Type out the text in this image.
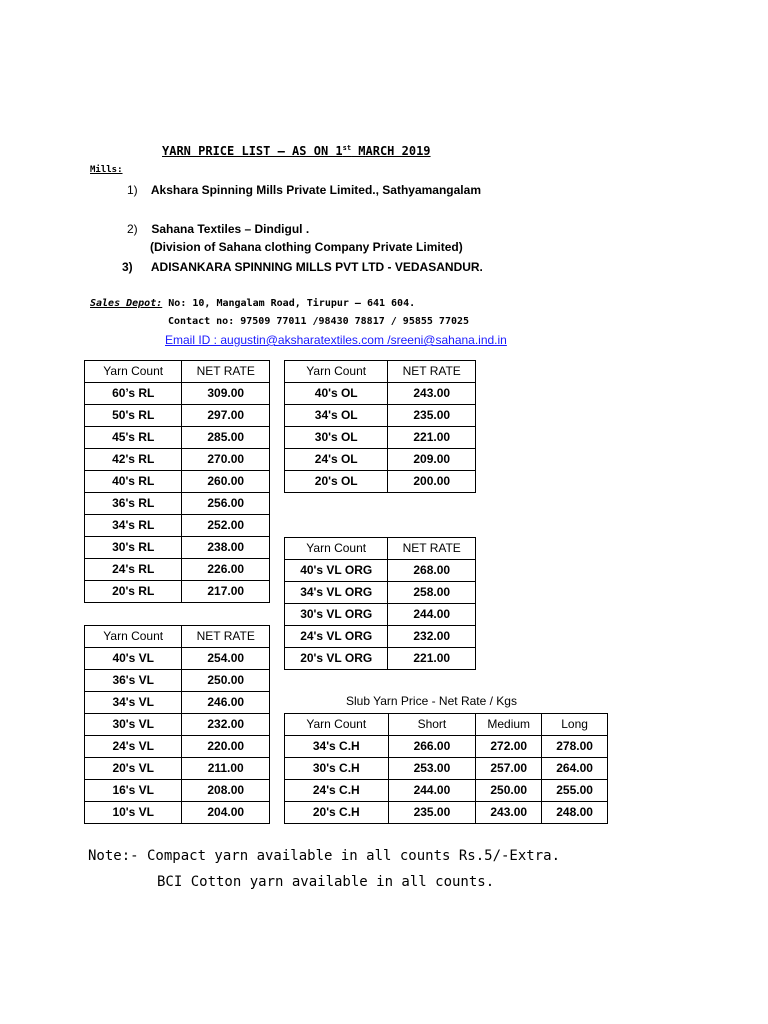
YARN PRICE LIST – AS ON 1st MARCH 2019
Mills:
1) Akshara Spinning Mills Private Limited., Sathyamangalam
2) Sahana Textiles – Dindigul .
(Division of Sahana clothing Company Private Limited)
3) ADISANKARA SPINNING MILLS PVT LTD - VEDASANDUR.
Sales Depot: No: 10, Mangalam Road, Tirupur – 641 604.
Contact no: 97509 77011 /98430 78817 / 95855 77025
Email ID : augustin@aksharatextiles.com /sreeni@sahana.ind.in
Yarn Count	NET RATE
60’s RL	309.00
50's RL	297.00
45's RL	285.00
42's RL	270.00
40's RL	260.00
36's RL	256.00
34's RL	252.00
30's RL	238.00
24's RL	226.00
20's RL	217.00
Yarn Count	NET RATE
40's OL	243.00
34's OL	235.00
30's OL	221.00
24's OL	209.00
20's OL	200.00
Yarn Count	NET RATE
40's VL ORG	268.00
34's VL ORG	258.00
30's VL ORG	244.00
24's VL ORG	232.00
20's VL ORG	221.00
Yarn Count	NET RATE
40's VL	254.00
36's VL	250.00
34's VL	246.00
30's VL	232.00
24's VL	220.00
20's VL	211.00
16's VL	208.00
10's VL	204.00
Slub Yarn Price - Net Rate / Kgs
Yarn Count	Short	Medium	Long
34's C.H	266.00	272.00	278.00
30's C.H	253.00	257.00	264.00
24's C.H	244.00	250.00	255.00
20's C.H	235.00	243.00	248.00
Note:- Compact yarn available in all counts Rs.5/-Extra.
BCI Cotton yarn available in all counts.
